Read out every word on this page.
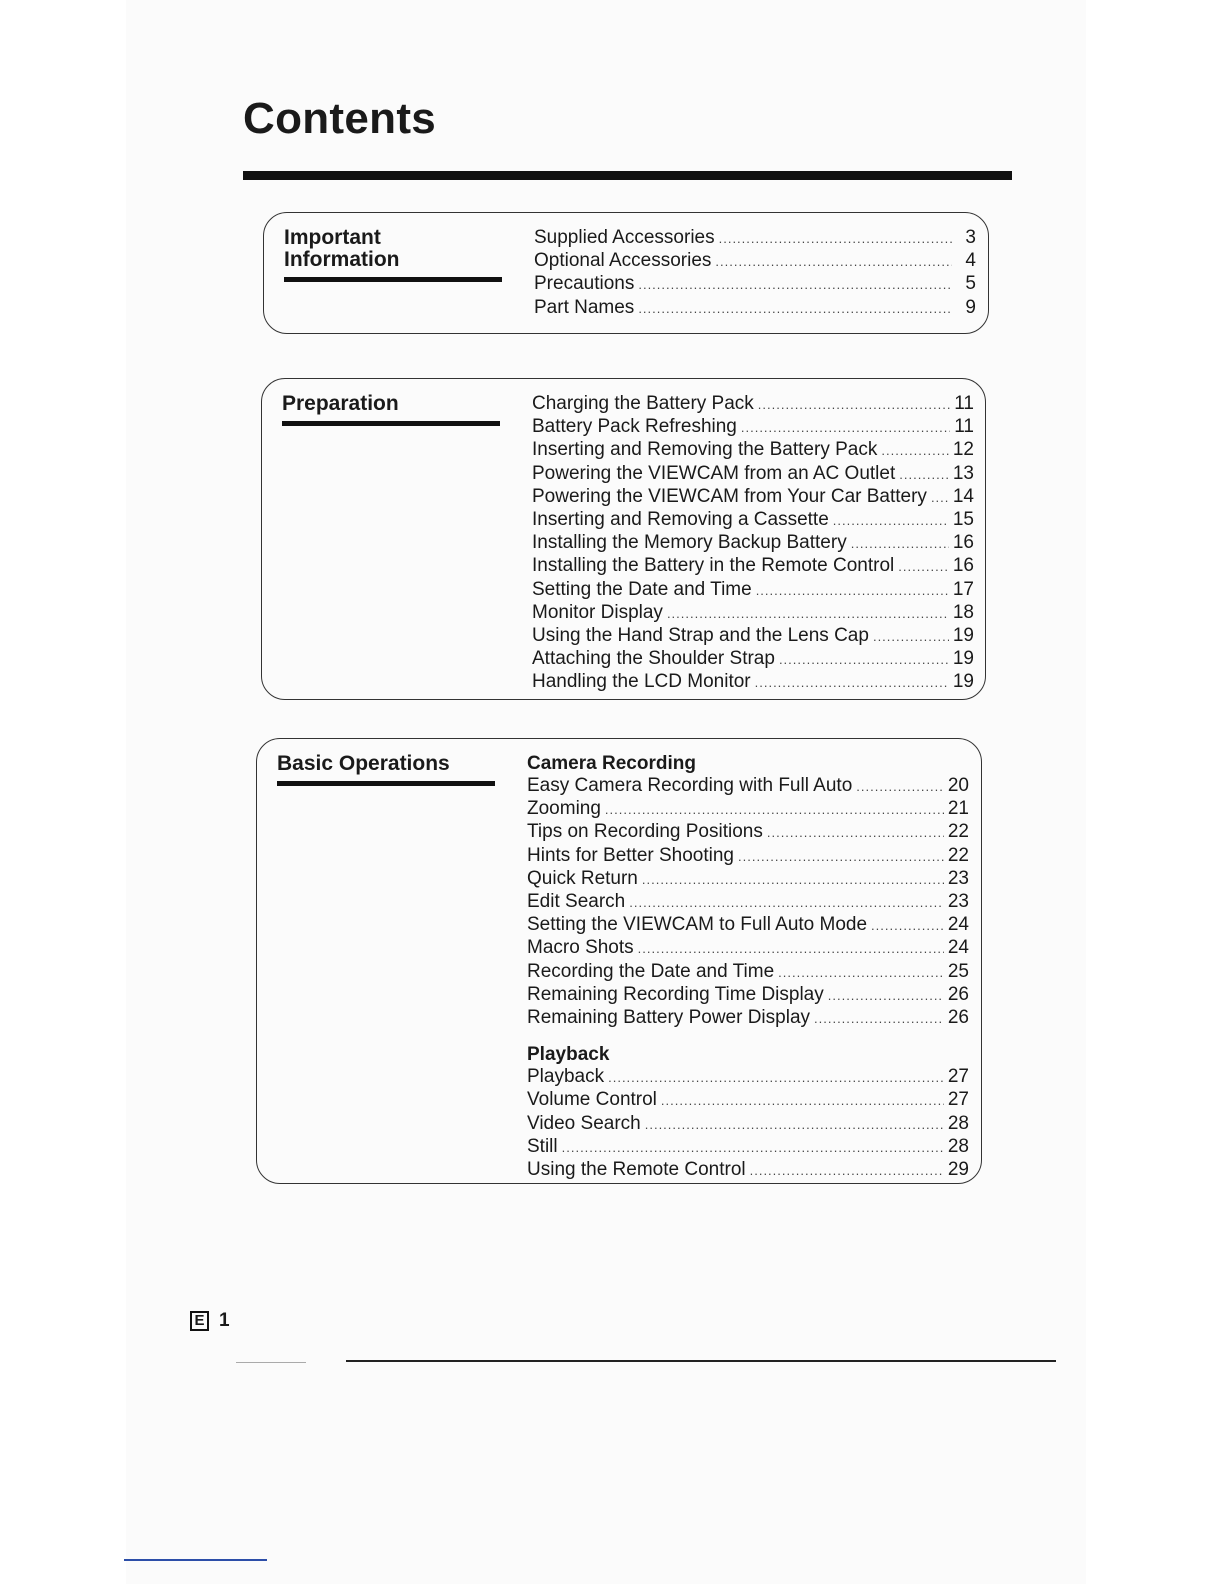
Contents
Important
Information
Supplied Accessories .....	3
Optional Accessories .....	4
Precautions .....	5
Part Names .....	9
Preparation	Charging the Battery Pack .....	11
Battery Pack Refreshing .....	11
Inserting and Removing the Battery Pack .....	12
Powering the VIEWCAM from an AC Outlet .....	13
Powering the VIEWCAM from Your Car Battery ..... 14
Inserting and Removing a Cassette .....	15
Installing the Memory Backup Battery .....	16
Installing the Battery in the Remote Control .....	16
Setting the Date and Time .....	17
Monitor Display .....	18
Using the Hand Strap and the Lens Cap .....	19
Attaching the Shoulder Strap .....	19
Handling the LCD Monitor .....	19
Basic Operations	Camera Recording
Easy Camera Recording with Full Auto .....	20
Zooming .....	21
Tips on Recording Positions .....	22
Hints for Better Shooting .....	22
Quick Return .....	23
Edit Search .....	23
Setting the VIEWCAM to Full Auto Mode .....	24
Macro Shots .....	24
Recording the Date and Time .....	25
Remaining Recording Time Display .....	26
Remaining Battery Power Display .....	26
Playback
Playback .....	27
Volume Control .....	27
Video Search .....	28
Still .....	28
Using the Remote Control .....	29
E 1
